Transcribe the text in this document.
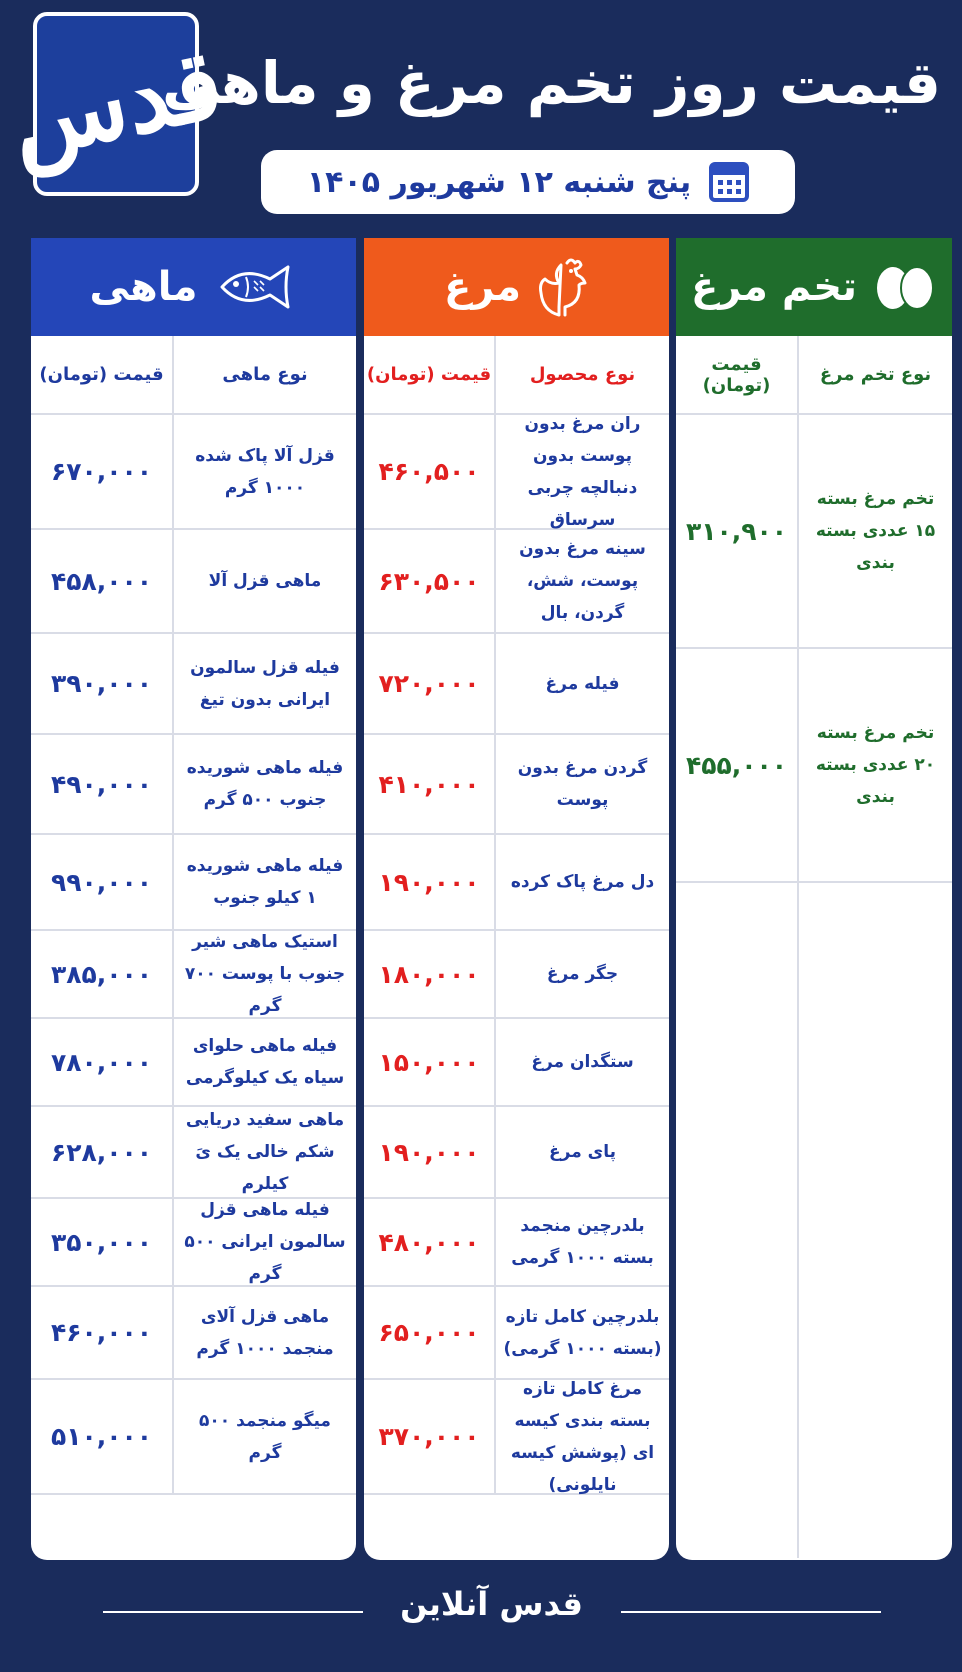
قدس
قیمت روز تخم مرغ و ماهی
پنج شنبه ۱۲ شهریور ۱۴۰۵
تخم مرغ
نوع تخم مرغ
قیمت (تومان)
تخم مرغ بسته ۱۵ عددی بسته بندی
۳۱۰,۹۰۰
تخم مرغ بسته ۲۰ عددی بسته بندی
۴۵۵,۰۰۰
مرغ
نوع محصول
قیمت (تومان)
ران مرغ بدون پوست بدون دنبالچه چربی سرساق
۴۶۰,۵۰۰
سینه مرغ بدون پوست، شش، گردن، بال
۶۳۰,۵۰۰
فیله مرغ
۷۲۰,۰۰۰
گردن مرغ بدون پوست
۴۱۰,۰۰۰
دل مرغ پاک کرده
۱۹۰,۰۰۰
جگر مرغ
۱۸۰,۰۰۰
ستگدان مرغ
۱۵۰,۰۰۰
پای مرغ
۱۹۰,۰۰۰
بلدرچین منجمد بسته ۱۰۰۰ گرمی
۴۸۰,۰۰۰
بلدرچین کامل تازه (بسته ۱۰۰۰ گرمی)
۶۵۰,۰۰۰
مرغ کامل تازه بسته بندی کیسه ای (پوشش کیسه نایلونی)
۳۷۰,۰۰۰
ماهی
نوع ماهی
قیمت (تومان)
قزل آلا پاک شده ۱۰۰۰ گرم
۶۷۰,۰۰۰
ماهی قزل آلا
۴۵۸,۰۰۰
فیله قزل سالمون ایرانی بدون تیغ
۳۹۰,۰۰۰
فیله ماهی شوریده جنوب ۵۰۰ گرم
۴۹۰,۰۰۰
فیله ماهی شوریده ۱ کیلو جنوب
۹۹۰,۰۰۰
استیک ماهی شیر جنوب با پوست ۷۰۰ گرم
۳۸۵,۰۰۰
فیله ماهی حلوای سیاه یک کیلوگرمی
۷۸۰,۰۰۰
ماهی سفید دریایی شکم خالی یک یَ کیلرم
۶۲۸,۰۰۰
فیله ماهی قزل سالمون ایرانی ۵۰۰ گرم
۳۵۰,۰۰۰
ماهی قزل آلای منجمد ۱۰۰۰ گرم
۴۶۰,۰۰۰
میگو منجمد ۵۰۰ گرم
۵۱۰,۰۰۰
قدس آنلاین
